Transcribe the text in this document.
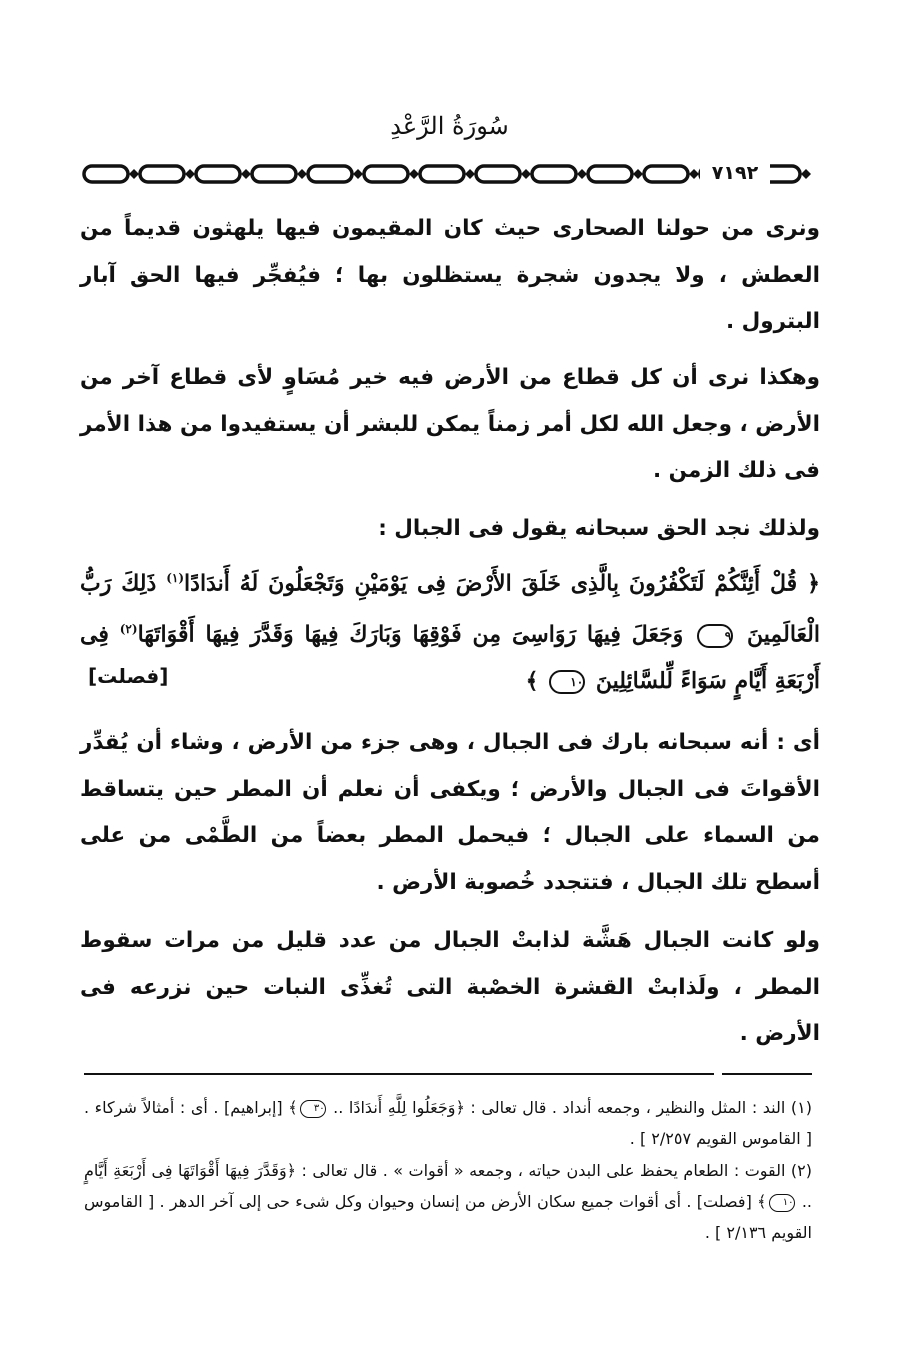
سُورَةُ الرَّعْدِ
٧١٩٢
ونرى من حولنا الصحارى حيث كان المقيمون فيها يلهثون قديماً من العطش ، ولا يجدون شجرة يستظلون بها ؛ فيُفجِّر فيها الحق آبار البترول .
وهكذا نرى أن كل قطاع من الأرض فيه خير مُسَاوٍ لأى قطاع آخر من الأرض ، وجعل الله لكل أمر زمناً يمكن للبشر أن يستفيدوا من هذا الأمر فى ذلك الزمن .
ولذلك نجد الحق سبحانه يقول فى الجبال :
﴿ قُلْ أَئِنَّكُمْ لَتَكْفُرُونَ بِالَّذِى خَلَقَ الأَرْضَ فِى يَوْمَيْنِ وَتَجْعَلُونَ لَهُ أَندَادًا$^{(١)}$ ذَلِكَ رَبُّ الْعَالَمِينَ ٩ وَجَعَلَ فِيهَا رَوَاسِىَ مِن فَوْقِهَا وَبَارَكَ فِيهَا وَقَدَّرَ فِيهَا أَقْوَاتَهَا$^{(٢)}$ فِى أَرْبَعَةِ أَيَّامٍ سَوَاءً لِّلسَّائِلِينَ ١٠ ﴾
[فصلت]
أى : أنه سبحانه بارك فى الجبال ، وهى جزء من الأرض ، وشاء أن يُقدِّر الأقواتَ فى الجبال والأرض ؛ ويكفى أن نعلم أن المطر حين يتساقط من السماء على الجبال ؛ فيحمل المطر بعضاً من الطَّمْى من على أسطح تلك الجبال ، فتتجدد خُصوبة الأرض .
ولو كانت الجبال هَشَّة لذابتْ الجبال من عدد قليل من مرات سقوط المطر ، ولَذابتْ القشرة الخصْبة التى تُغذِّى النبات حين نزرعه فى الأرض .
(١) الند : المثل والنظير ، وجمعه أنداد . قال تعالى : ﴿وَجَعَلُوا لِلَّهِ أَندَادًا .. ٣٠﴾ [إبراهيم] . أى : أمثالاً شركاء . [ القاموس القويم ٢/٢٥٧ ] .
(٢) القوت : الطعام يحفظ على البدن حياته ، وجمعه « أقوات » . قال تعالى : ﴿وَقَدَّرَ فِيهَا أَقْوَاتَهَا فِى أَرْبَعَةِ أَيَّامٍ .. ١٠﴾ [فصلت] . أى أقوات جميع سكان الأرض من إنسان وحيوان وكل شىء حى إلى آخر الدهر . [ القاموس القويم ٢/١٣٦ ] .
